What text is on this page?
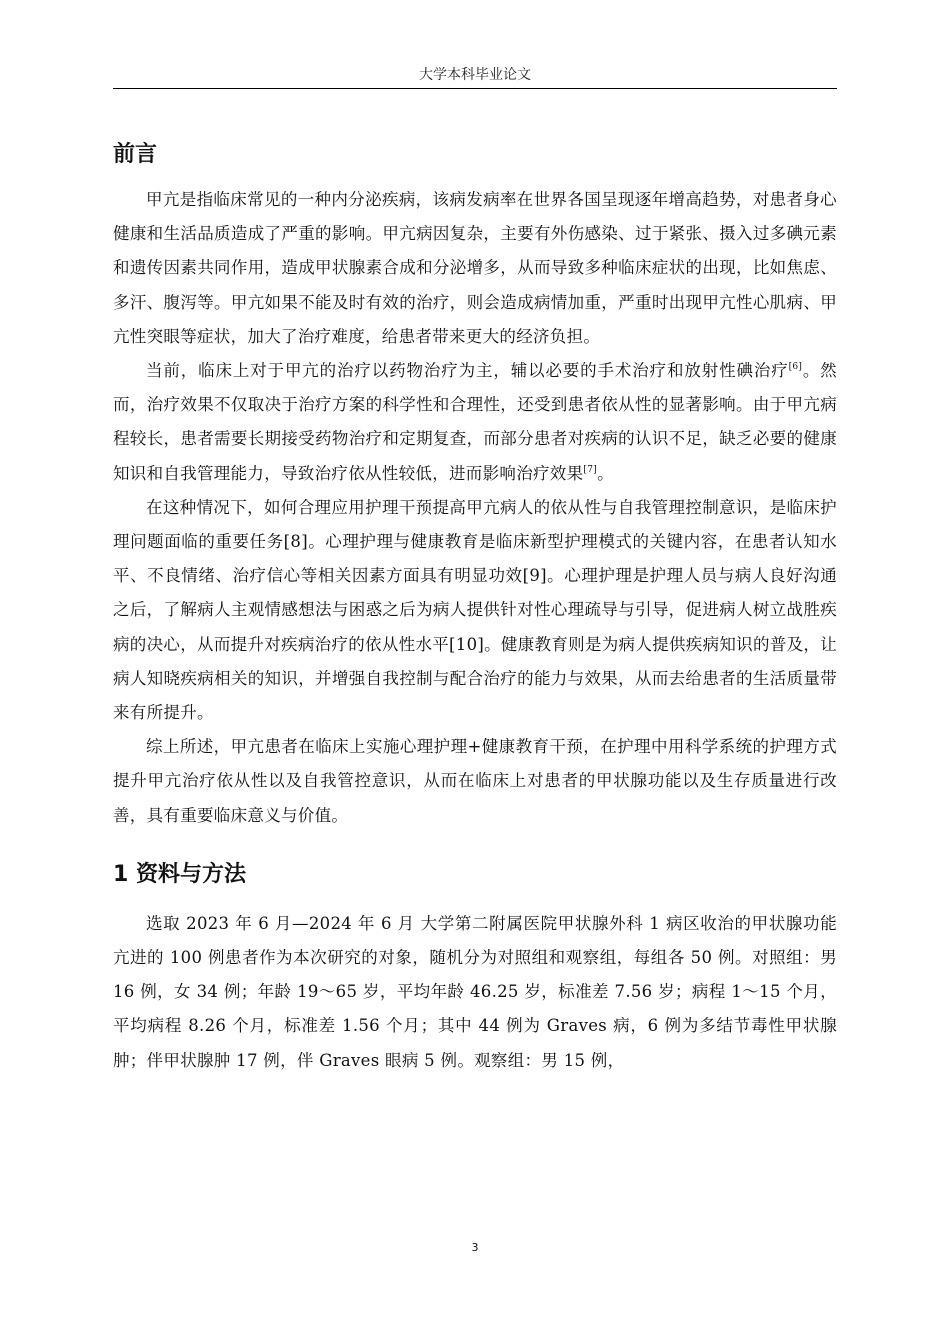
大学本科毕业论文
前言

甲亢是指临床常见的一种内分泌疾病，该病发病率在世界各国呈现逐年增高趋势，对患者身心健康和生活品质造成了严重的影响。甲亢病因复杂，主要有外伤感染、过于紧张、摄入过多碘元素和遗传因素共同作用，造成甲状腺素合成和分泌增多，从而导致多种临床症状的出现，比如焦虑、多汗、腹泻等。甲亢如果不能及时有效的治疗，则会造成病情加重，严重时出现甲亢性心肌病、甲亢性突眼等症状，加大了治疗难度，给患者带来更大的经济负担。

当前，临床上对于甲亢的治疗以药物治疗为主，辅以必要的手术治疗和放射性碘治疗[6]。然而，治疗效果不仅取决于治疗方案的科学性和合理性，还受到患者依从性的显著影响。由于甲亢病程较长，患者需要长期接受药物治疗和定期复查，而部分患者对疾病的认识不足，缺乏必要的健康知识和自我管理能力，导致治疗依从性较低，进而影响治疗效果[7]。

在这种情况下，如何合理应用护理干预提高甲亢病人的依从性与自我管理控制意识，是临床护理问题面临的重要任务[8]。心理护理与健康教育是临床新型护理模式的关键内容，在患者认知水平、不良情绪、治疗信心等相关因素方面具有明显功效[9]。心理护理是护理人员与病人良好沟通之后，了解病人主观情感想法与困惑之后为病人提供针对性心理疏导与引导，促进病人树立战胜疾病的决心，从而提升对疾病治疗的依从性水平[10]。健康教育则是为病人提供疾病知识的普及，让病人知晓疾病相关的知识，并增强自我控制与配合治疗的能力与效果，从而去给患者的生活质量带来有所提升。

综上所述，甲亢患者在临床上实施心理护理+健康教育干预，在护理中用科学系统的护理方式提升甲亢治疗依从性以及自我管控意识，从而在临床上对患者的甲状腺功能以及生存质量进行改善，具有重要临床意义与价值。

1 资料与方法

选取 2023 年 6 月—2024 年 6 月 大学第二附属医院甲状腺外科 1 病区收治的甲状腺功能亢进的 100 例患者作为本次研究的对象，随机分为对照组和观察组，每组各 50 例。对照组：男 16 例，女 34 例；年龄 19～65 岁，平均年龄 46.25 岁，标准差 7.56 岁；病程 1～15 个月，平均病程 8.26 个月，标准差 1.56 个月；其中 44 例为 Graves 病，6 例为多结节毒性甲状腺肿；伴甲状腺肿 17 例，伴 Graves 眼病 5 例。观察组：男 15 例，

3
